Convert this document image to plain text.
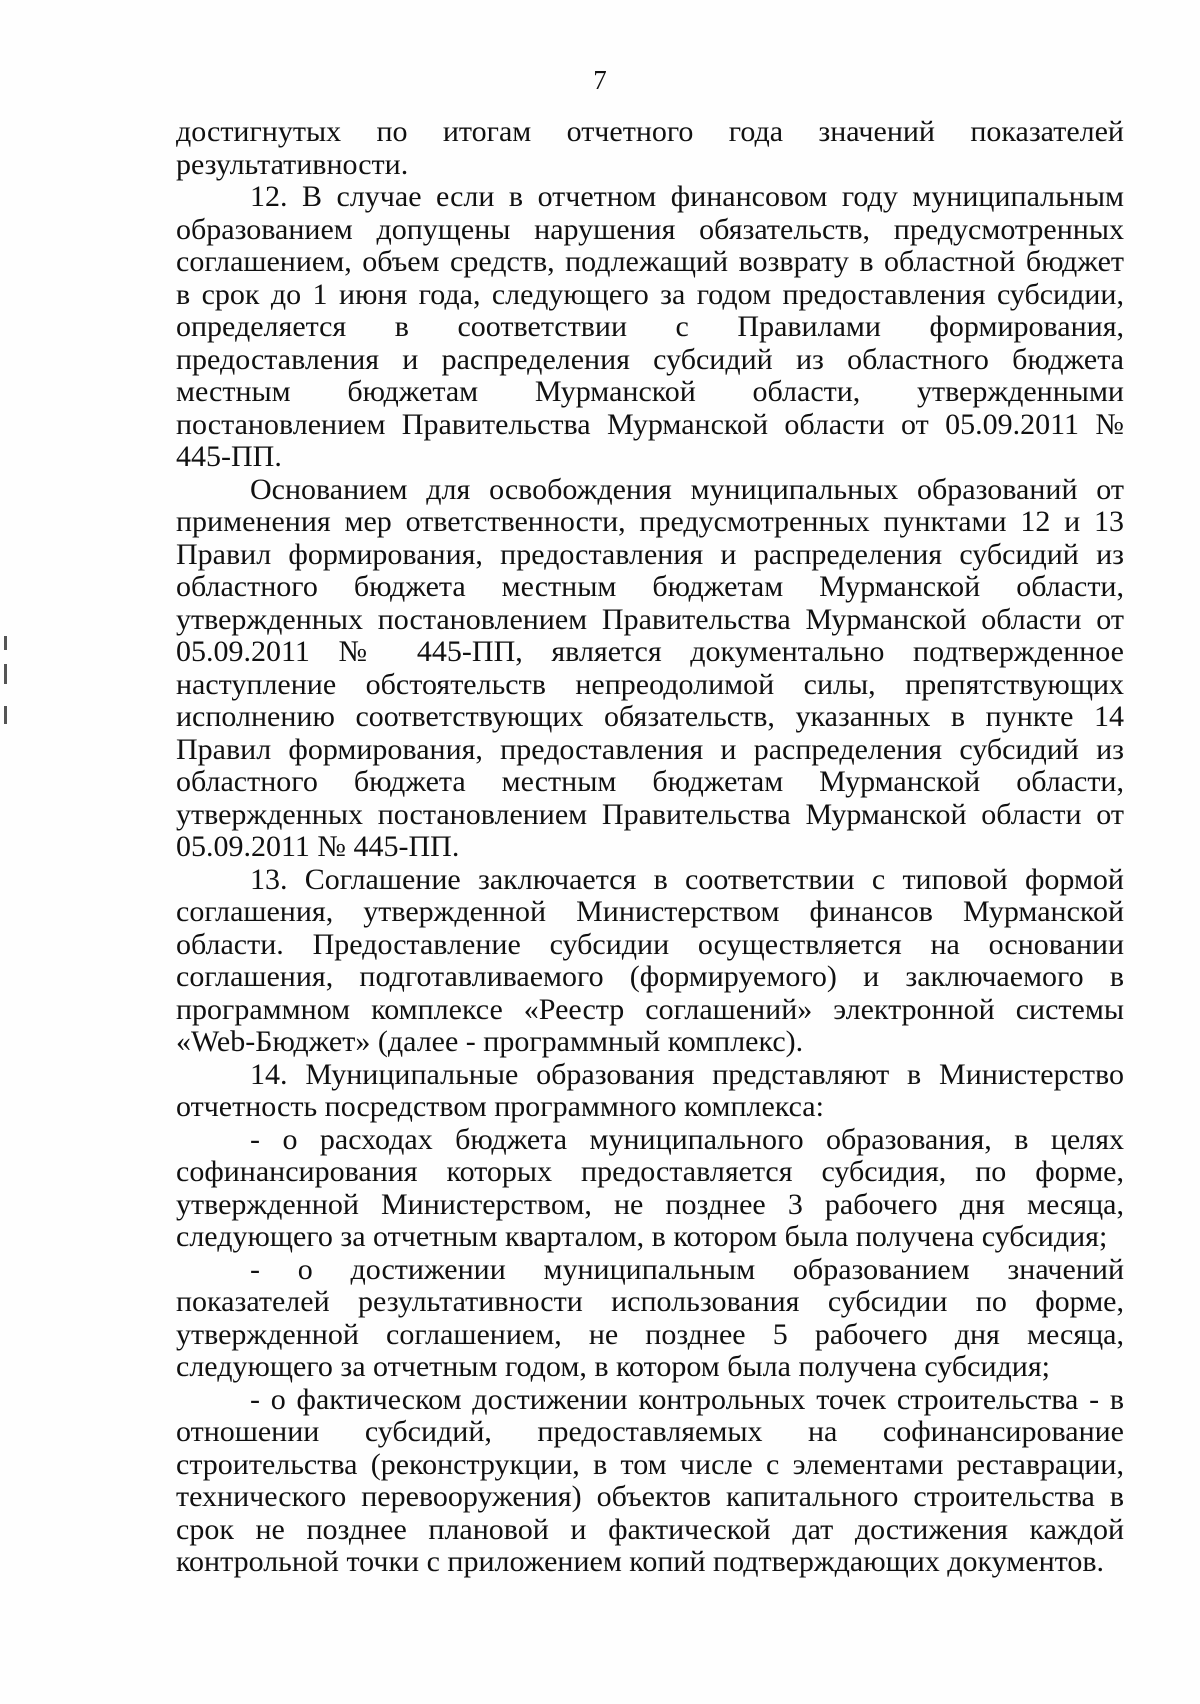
7

достигнутых по итогам отчетного года значений показателей результативности.

12. В случае если в отчетном финансовом году муниципальным образованием допущены нарушения обязательств, предусмотренных соглашением, объем средств, подлежащий возврату в областной бюджет в срок до 1 июня года, следующего за годом предоставления субсидии, определяется в соответствии с Правилами формирования, предоставления и распределения субсидий из областного бюджета местным бюджетам Мурманской области, утвержденными постановлением Правительства Мурманской области от 05.09.2011 № 445-ПП.

Основанием для освобождения муниципальных образований от применения мер ответственности, предусмотренных пунктами 12 и 13 Правил формирования, предоставления и распределения субсидий из областного бюджета местным бюджетам Мурманской области, утвержденных постановлением Правительства Мурманской области от 05.09.2011 № 445-ПП, является документально подтвержденное наступление обстоятельств непреодолимой силы, препятствующих исполнению соответствующих обязательств, указанных в пункте 14 Правил формирования, предоставления и распределения субсидий из областного бюджета местным бюджетам Мурманской области, утвержденных постановлением Правительства Мурманской области от 05.09.2011 № 445-ПП.

13. Соглашение заключается в соответствии с типовой формой соглашения, утвержденной Министерством финансов Мурманской области. Предоставление субсидии осуществляется на основании соглашения, подготавливаемого (формируемого) и заключаемого в программном комплексе «Реестр соглашений» электронной системы «Web-Бюджет» (далее - программный комплекс).

14. Муниципальные образования представляют в Министерство отчетность посредством программного комплекса:

- о расходах бюджета муниципального образования, в целях софинансирования которых предоставляется субсидия, по форме, утвержденной Министерством, не позднее 3 рабочего дня месяца, следующего за отчетным кварталом, в котором была получена субсидия;

- о достижении муниципальным образованием значений показателей результативности использования субсидии по форме, утвержденной соглашением, не позднее 5 рабочего дня месяца, следующего за отчетным годом, в котором была получена субсидия;

- о фактическом достижении контрольных точек строительства - в отношении субсидий, предоставляемых на софинансирование строительства (реконструкции, в том числе с элементами реставрации, технического перевооружения) объектов капитального строительства в срок не позднее плановой и фактической дат достижения каждой контрольной точки с приложением копий подтверждающих документов.
